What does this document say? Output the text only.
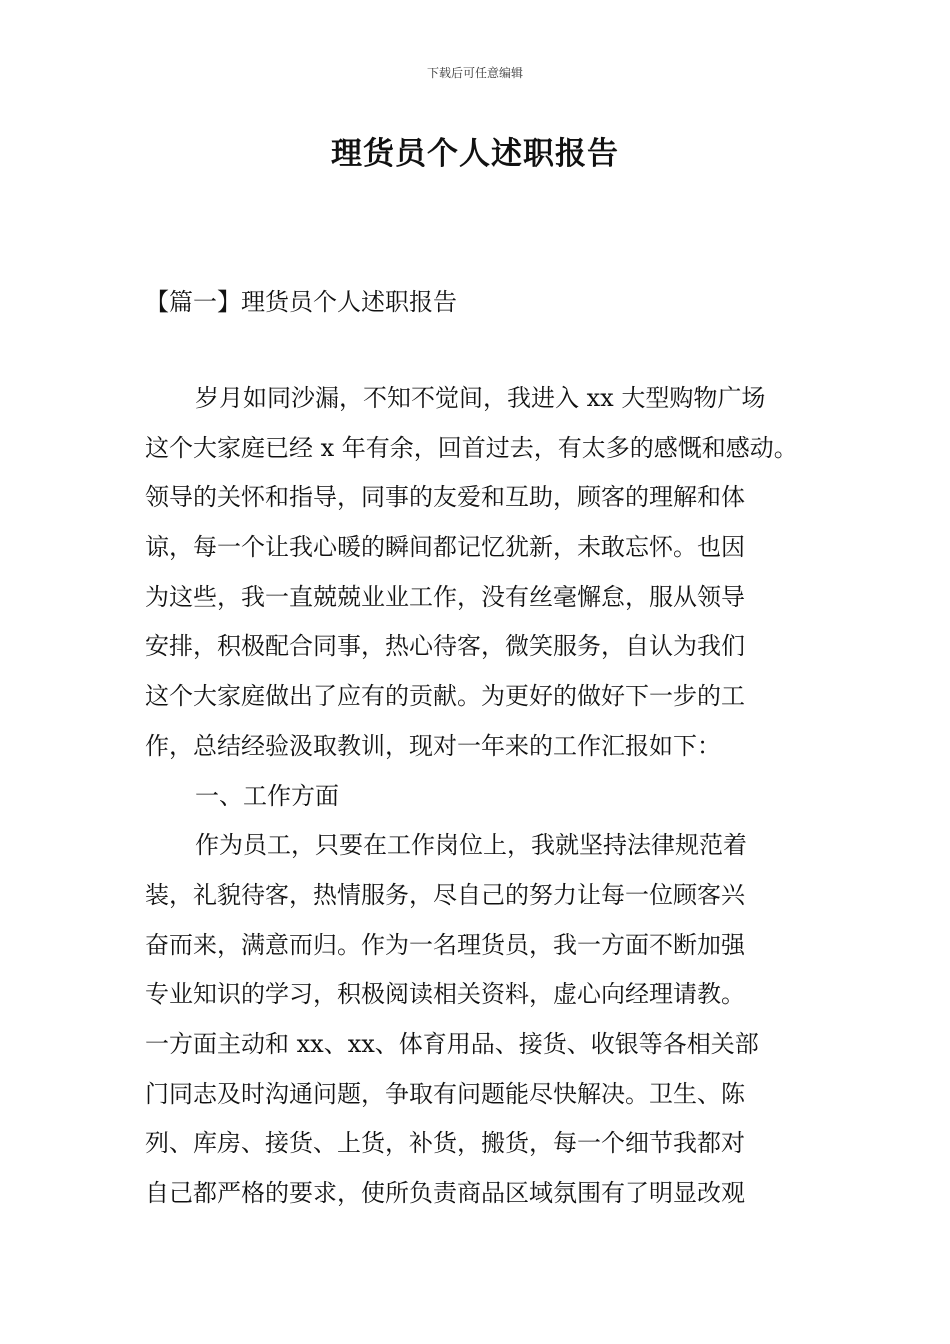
下载后可任意编辑
理货员个人述职报告
【篇一】理货员个人述职报告
岁月如同沙漏，不知不觉间，我进入 xx 大型购物广场
这个大家庭已经 x 年有余，回首过去，有太多的感慨和感动。
领导的关怀和指导，同事的友爱和互助，顾客的理解和体
谅，每一个让我心暖的瞬间都记忆犹新，未敢忘怀。也因
为这些，我一直兢兢业业工作，没有丝毫懈怠，服从领导
安排，积极配合同事，热心待客，微笑服务，自认为我们
这个大家庭做出了应有的贡献。为更好的做好下一步的工
作，总结经验汲取教训，现对一年来的工作汇报如下：
一、工作方面
作为员工，只要在工作岗位上，我就坚持法律规范着
装，礼貌待客，热情服务，尽自己的努力让每一位顾客兴
奋而来，满意而归。作为一名理货员，我一方面不断加强
专业知识的学习，积极阅读相关资料，虚心向经理请教。
一方面主动和 xx、xx、体育用品、接货、收银等各相关部
门同志及时沟通问题，争取有问题能尽快解决。卫生、陈
列、库房、接货、上货，补货，搬货，每一个细节我都对
自己都严格的要求，使所负责商品区域氛围有了明显改观
